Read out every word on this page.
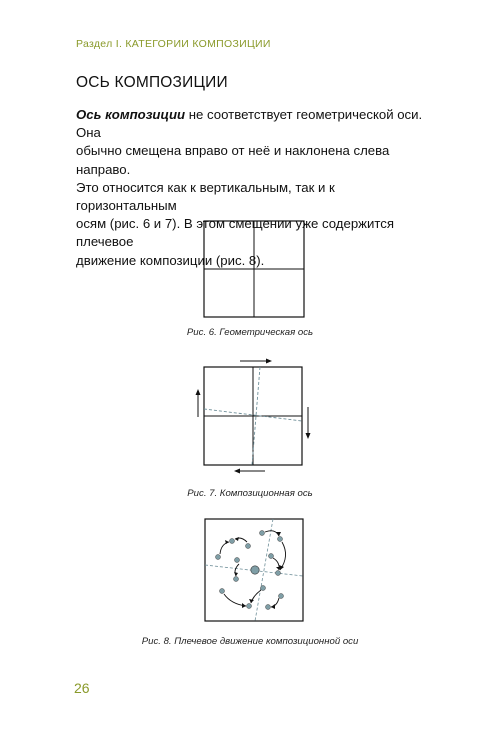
Раздел I. КАТЕГОРИИ КОМПОЗИЦИИ
ОСЬ КОМПОЗИЦИИ
Ось композиции не соответствует геометрической оси. Она
обычно смещена вправо от неё и наклонена слева направо.
Это относится как к вертикальным, так и к горизонтальным
осям (рис. 6 и 7). В этом смещении уже содержится плечевое
движение композиции (рис. 8).
Рис. 6. Геометрическая ось
Рис. 7. Композиционная ось
Рис. 8. Плечевое движение композиционной оси
26
